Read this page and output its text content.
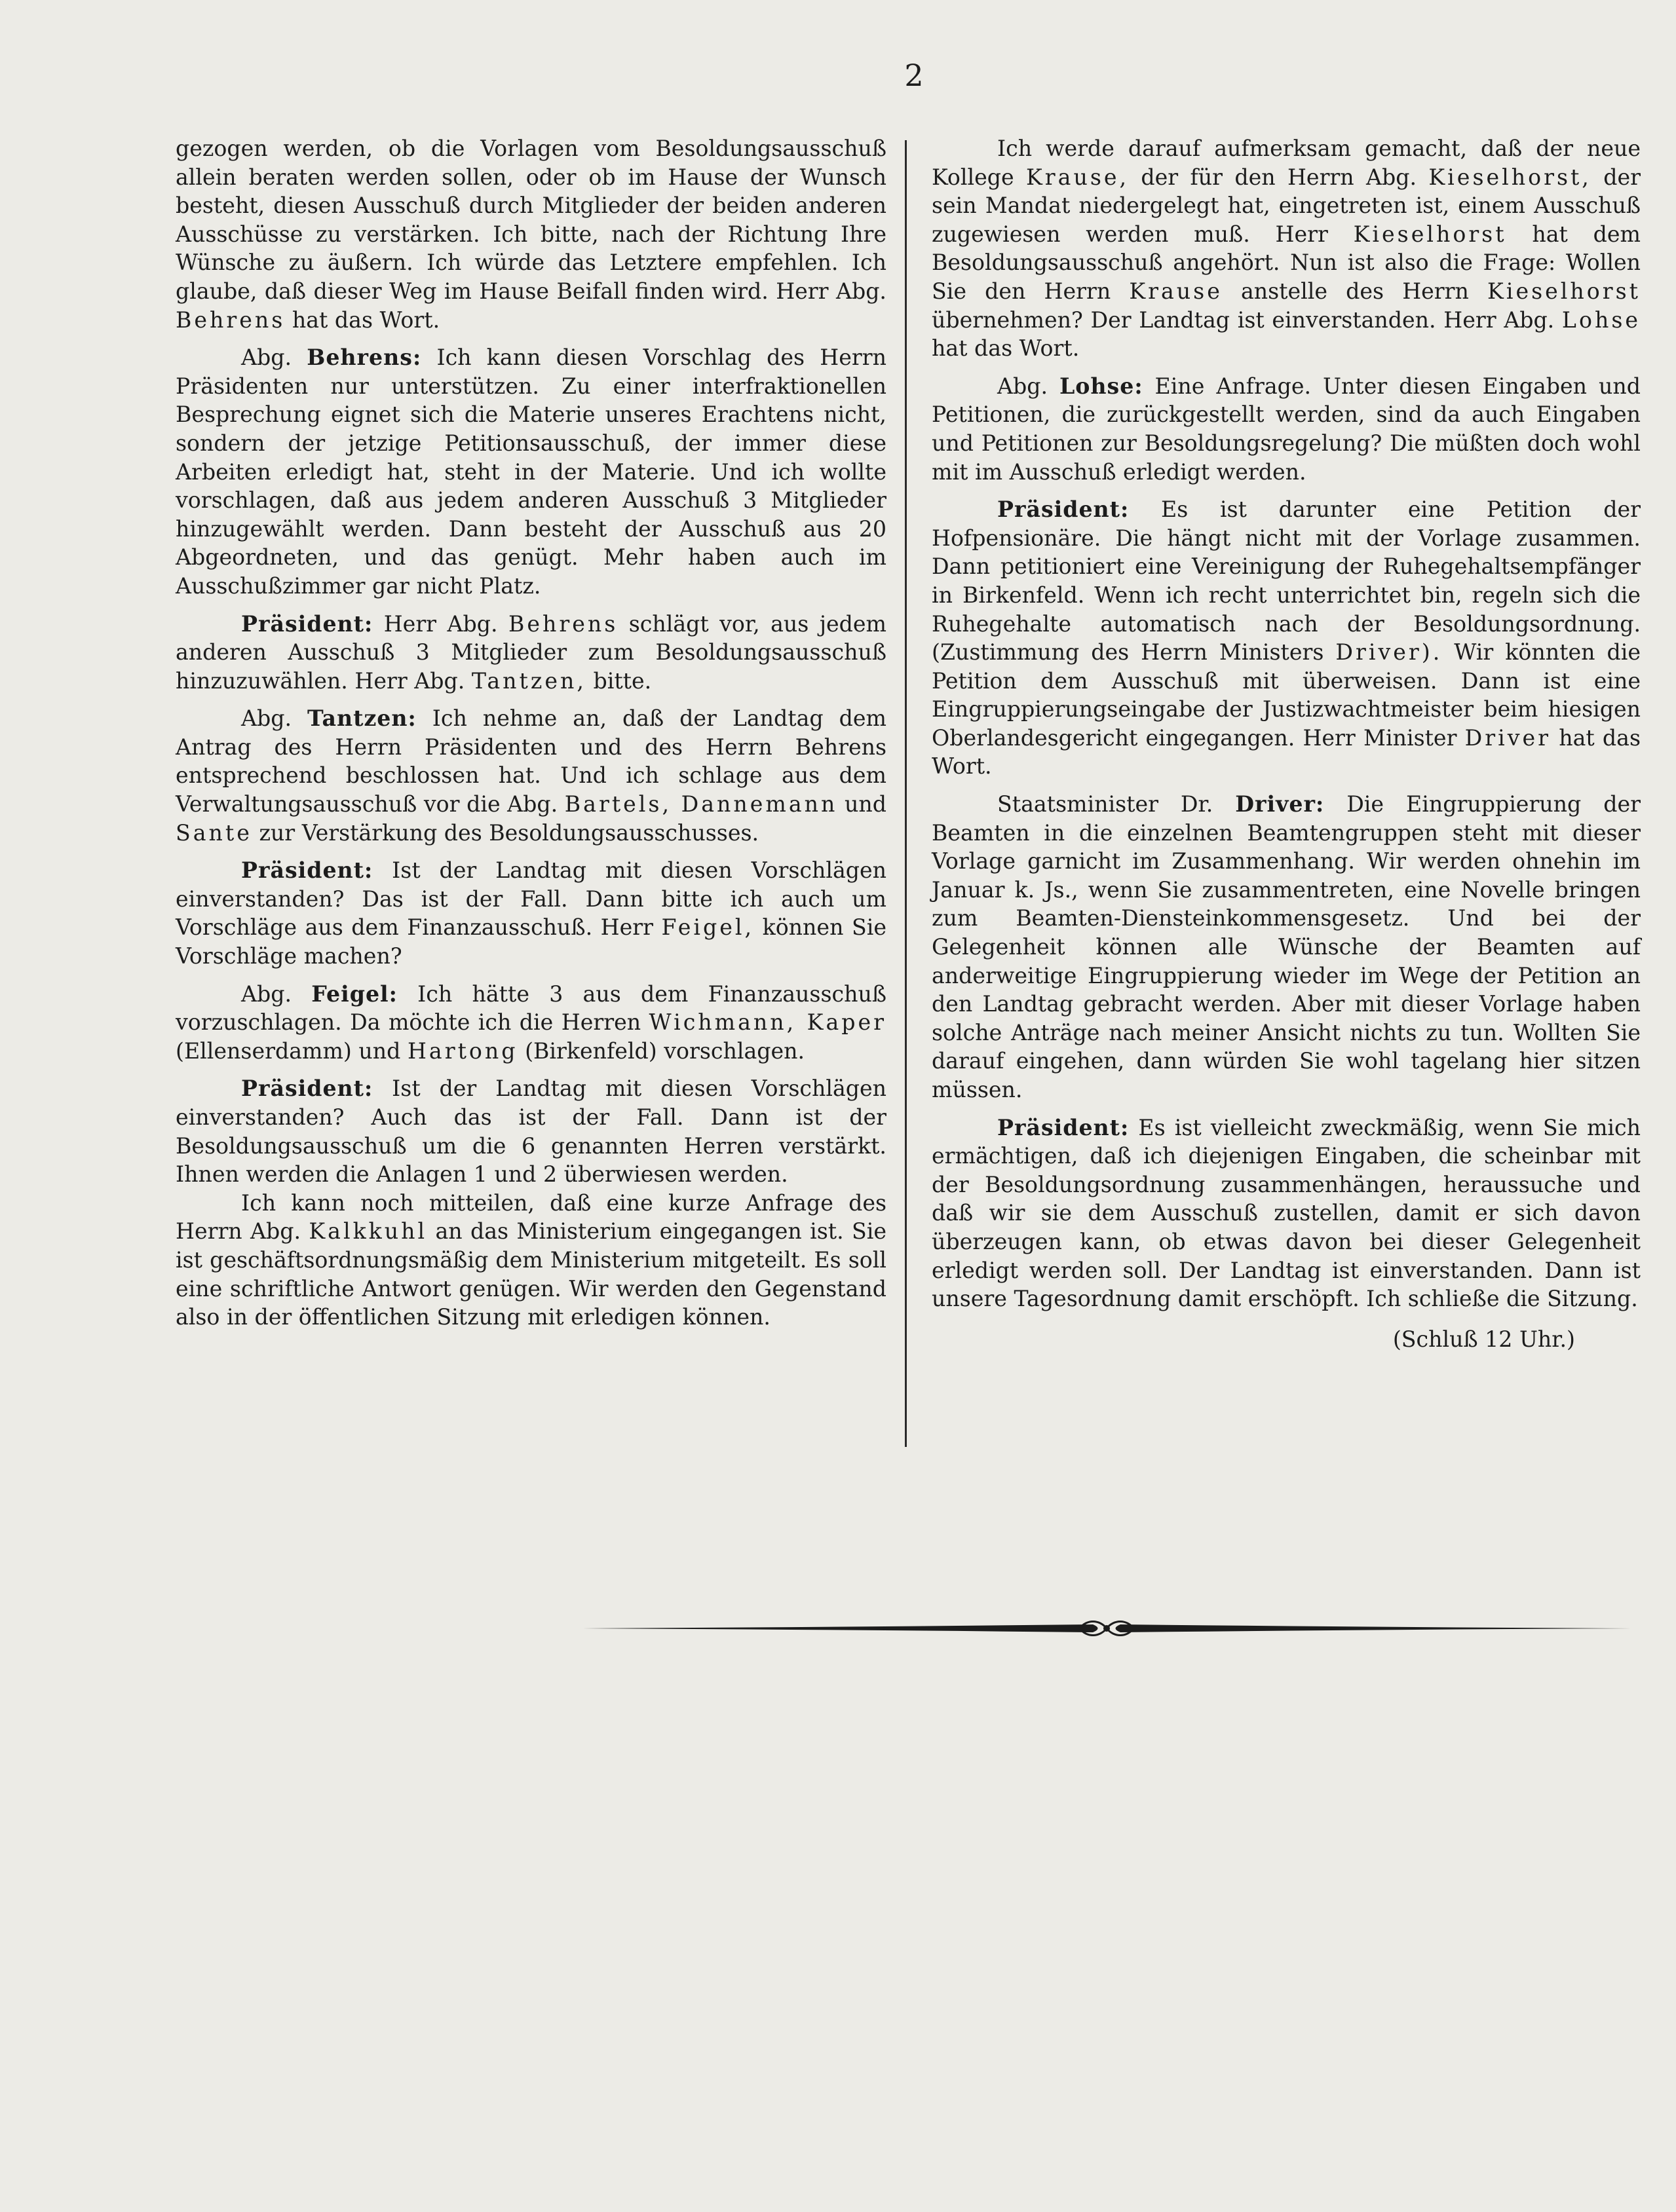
2

gezogen werden, ob die Vorlagen vom Besoldungsausschuß allein beraten werden sollen, oder ob im Hause der Wunsch besteht, diesen Ausschuß durch Mitglieder der beiden anderen Ausschüsse zu verstärken. Ich bitte, nach der Richtung Ihre Wünsche zu äußern. Ich würde das Letztere empfehlen. Ich glaube, daß dieser Weg im Hause Beifall finden wird. Herr Abg. Behrens hat das Wort.

Abg. Behrens: Ich kann diesen Vorschlag des Herrn Präsidenten nur unterstützen. Zu einer interfraktionellen Besprechung eignet sich die Materie unseres Erachtens nicht, sondern der jetzige Petitionsausschuß, der immer diese Arbeiten erledigt hat, steht in der Materie. Und ich wollte vorschlagen, daß aus jedem anderen Ausschuß 3 Mitglieder hinzugewählt werden. Dann besteht der Ausschuß aus 20 Abgeordneten, und das genügt. Mehr haben auch im Ausschußzimmer gar nicht Platz.

Präsident: Herr Abg. Behrens schlägt vor, aus jedem anderen Ausschuß 3 Mitglieder zum Besoldungsausschuß hinzuzuwählen. Herr Abg. Tantzen, bitte.

Abg. Tantzen: Ich nehme an, daß der Landtag dem Antrag des Herrn Präsidenten und des Herrn Behrens entsprechend beschlossen hat. Und ich schlage aus dem Verwaltungsausschuß vor die Abg. Bartels, Dannemann und Sante zur Verstärkung des Besoldungsausschusses.

Präsident: Ist der Landtag mit diesen Vorschlägen einverstanden? Das ist der Fall. Dann bitte ich auch um Vorschläge aus dem Finanzausschuß. Herr Feigel, können Sie Vorschläge machen?

Abg. Feigel: Ich hätte 3 aus dem Finanzausschuß vorzuschlagen. Da möchte ich die Herren Wichmann, Kaper (Ellenserdamm) und Hartong (Birkenfeld) vorschlagen.

Präsident: Ist der Landtag mit diesen Vorschlägen einverstanden? Auch das ist der Fall. Dann ist der Besoldungsausschuß um die 6 genannten Herren verstärkt. Ihnen werden die Anlagen 1 und 2 überwiesen werden.

Ich kann noch mitteilen, daß eine kurze Anfrage des Herrn Abg. Kalkkuhl an das Ministerium eingegangen ist. Sie ist geschäftsordnungsmäßig dem Ministerium mitgeteilt. Es soll eine schriftliche Antwort genügen. Wir werden den Gegenstand also in der öffentlichen Sitzung mit erledigen können.

Ich werde darauf aufmerksam gemacht, daß der neue Kollege Krause, der für den Herrn Abg. Kieselhorst, der sein Mandat niedergelegt hat, eingetreten ist, einem Ausschuß zugewiesen werden muß. Herr Kieselhorst hat dem Besoldungsausschuß angehört. Nun ist also die Frage: Wollen Sie den Herrn Krause anstelle des Herrn Kieselhorst übernehmen? Der Landtag ist einverstanden. Herr Abg. Lohse hat das Wort.

Abg. Lohse: Eine Anfrage. Unter diesen Eingaben und Petitionen, die zurückgestellt werden, sind da auch Eingaben und Petitionen zur Besoldungsregelung? Die müßten doch wohl mit im Ausschuß erledigt werden.

Präsident: Es ist darunter eine Petition der Hofpensionäre. Die hängt nicht mit der Vorlage zusammen. Dann petitioniert eine Vereinigung der Ruhegehaltsempfänger in Birkenfeld. Wenn ich recht unterrichtet bin, regeln sich die Ruhegehalte automatisch nach der Besoldungsordnung. (Zustimmung des Herrn Ministers Driver). Wir könnten die Petition dem Ausschuß mit überweisen. Dann ist eine Eingruppierungseingabe der Justizwachtmeister beim hiesigen Oberlandesgericht eingegangen. Herr Minister Driver hat das Wort.

Staatsminister Dr. Driver: Die Eingruppierung der Beamten in die einzelnen Beamtengruppen steht mit dieser Vorlage garnicht im Zusammenhang. Wir werden ohnehin im Januar k. Js., wenn Sie zusammentreten, eine Novelle bringen zum Beamten-Diensteinkommensgesetz. Und bei der Gelegenheit können alle Wünsche der Beamten auf anderweitige Eingruppierung wieder im Wege der Petition an den Landtag gebracht werden. Aber mit dieser Vorlage haben solche Anträge nach meiner Ansicht nichts zu tun. Wollten Sie darauf eingehen, dann würden Sie wohl tagelang hier sitzen müssen.

Präsident: Es ist vielleicht zweckmäßig, wenn Sie mich ermächtigen, daß ich diejenigen Eingaben, die scheinbar mit der Besoldungsordnung zusammenhängen, heraussuche und daß wir sie dem Ausschuß zustellen, damit er sich davon überzeugen kann, ob etwas davon bei dieser Gelegenheit erledigt werden soll. Der Landtag ist einverstanden. Dann ist unsere Tagesordnung damit erschöpft. Ich schließe die Sitzung.

(Schluß 12 Uhr.)
